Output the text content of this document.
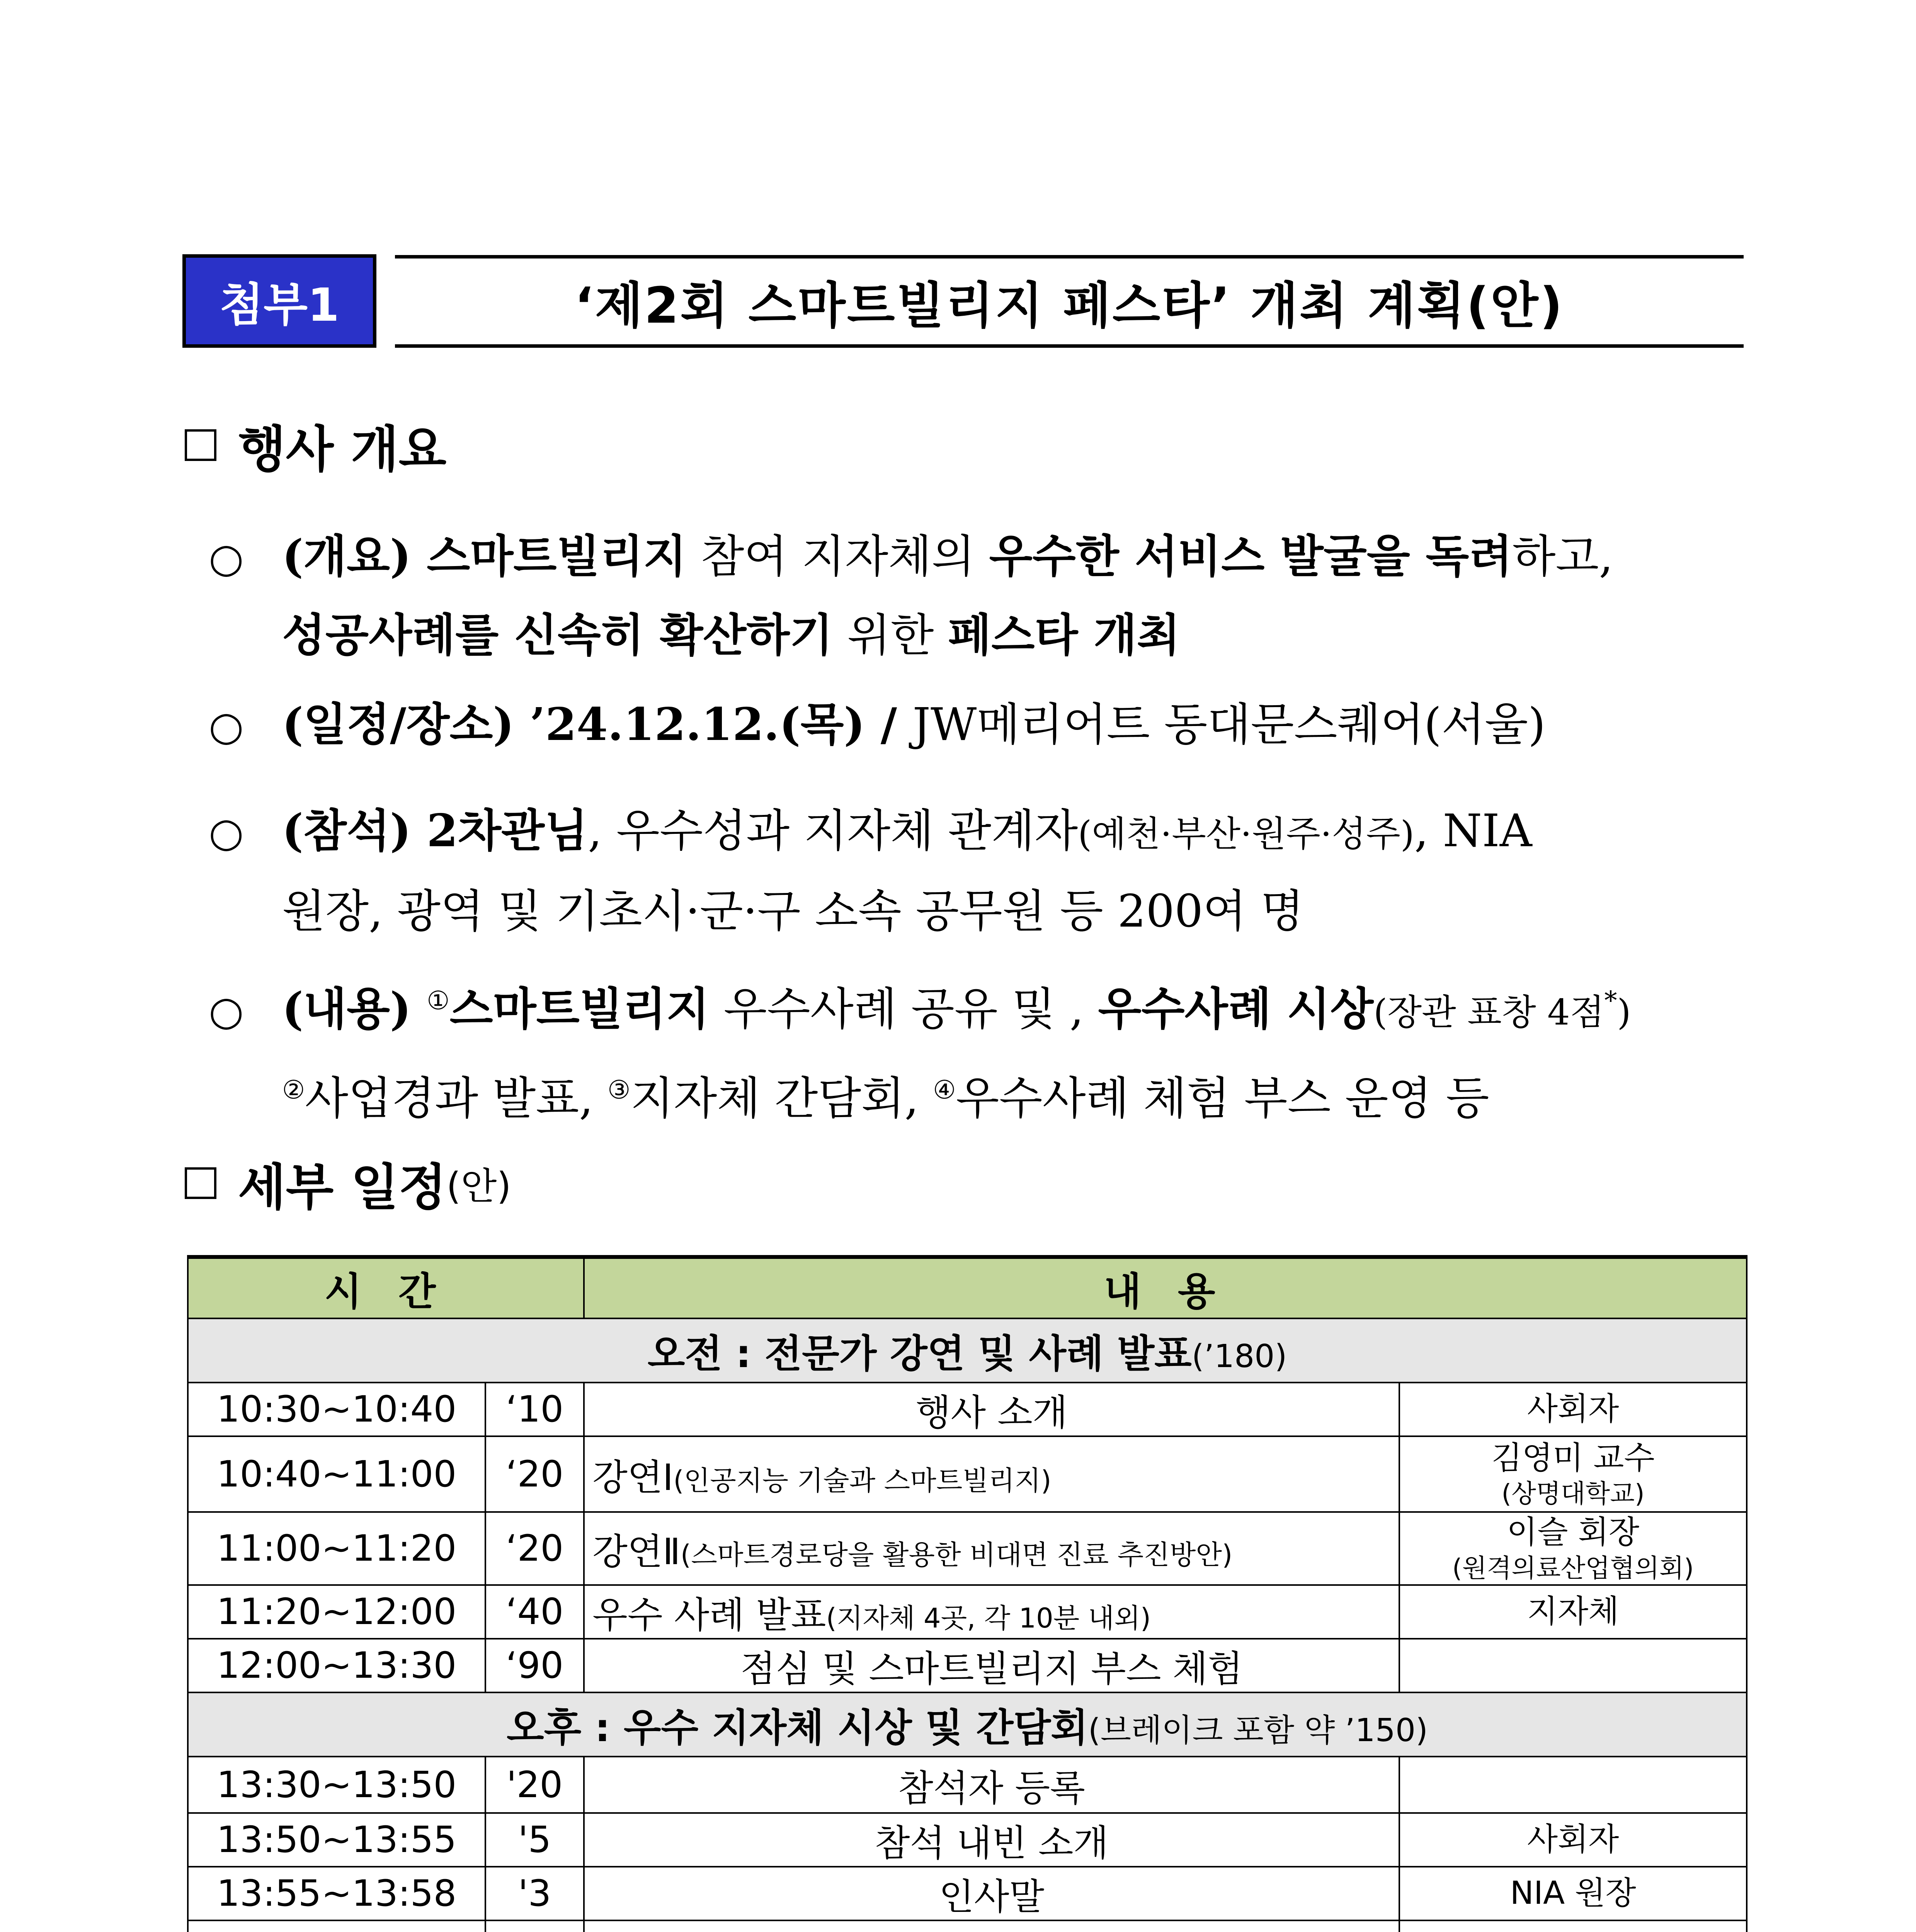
첨부1	‘제2회 스마트빌리지 페스타’ 개최 계획(안)
행사 개요
○ (개요) 스마트빌리지 참여 지자체의 우수한 서비스 발굴을 독려하고,
성공사례를 신속히 확산하기 위한 페스타 개최
○ (일정/장소) ’24.12.12.(목) / JW메리어트 동대문스퀘어(서울)
○ (참석) 2차관님, 우수성과 지자체 관계자(예천·부산·원주·성주), NIA
원장, 광역 및 기초시·군·구 소속 공무원 등 200여 명
○ (내용) ①스마트빌리지 우수사례 공유 및 , 우수사례 시상(장관 표창 4점*)
②사업경과 발표, ③지자체 간담회, ④우수사례 체험 부스 운영 등
세부 일정 (안)
시 간		내 용	
오전 : 전문가 강연 및 사례 발표(’180)			
10:30~10:40	‘10	행사 소개	사회자

10:40~11:00	‘20	강연Ⅰ(인공지능 기술과 스마트빌리지)	김영미 교수
(상명대학교)

11:00~11:20	‘20	강연Ⅱ(스마트경로당을 활용한 비대면 진료 추진방안)	이슬 회장
(원격의료산업협의회)

11:20~12:00	‘40	우수 사례 발표(지자체 4곳, 각 10분 내외)	지자체

12:00~13:30	‘90	점심 및 스마트빌리지 부스 체험	
오후 : 우수 지자체 시상 및 간담회(브레이크 포함 약 ’150)			
13:30~13:50	'20	참석자 등록	
13:50~13:55	'5	참석 내빈 소개	사회자

13:55~13:58	'3	인사말	NIA 원장
